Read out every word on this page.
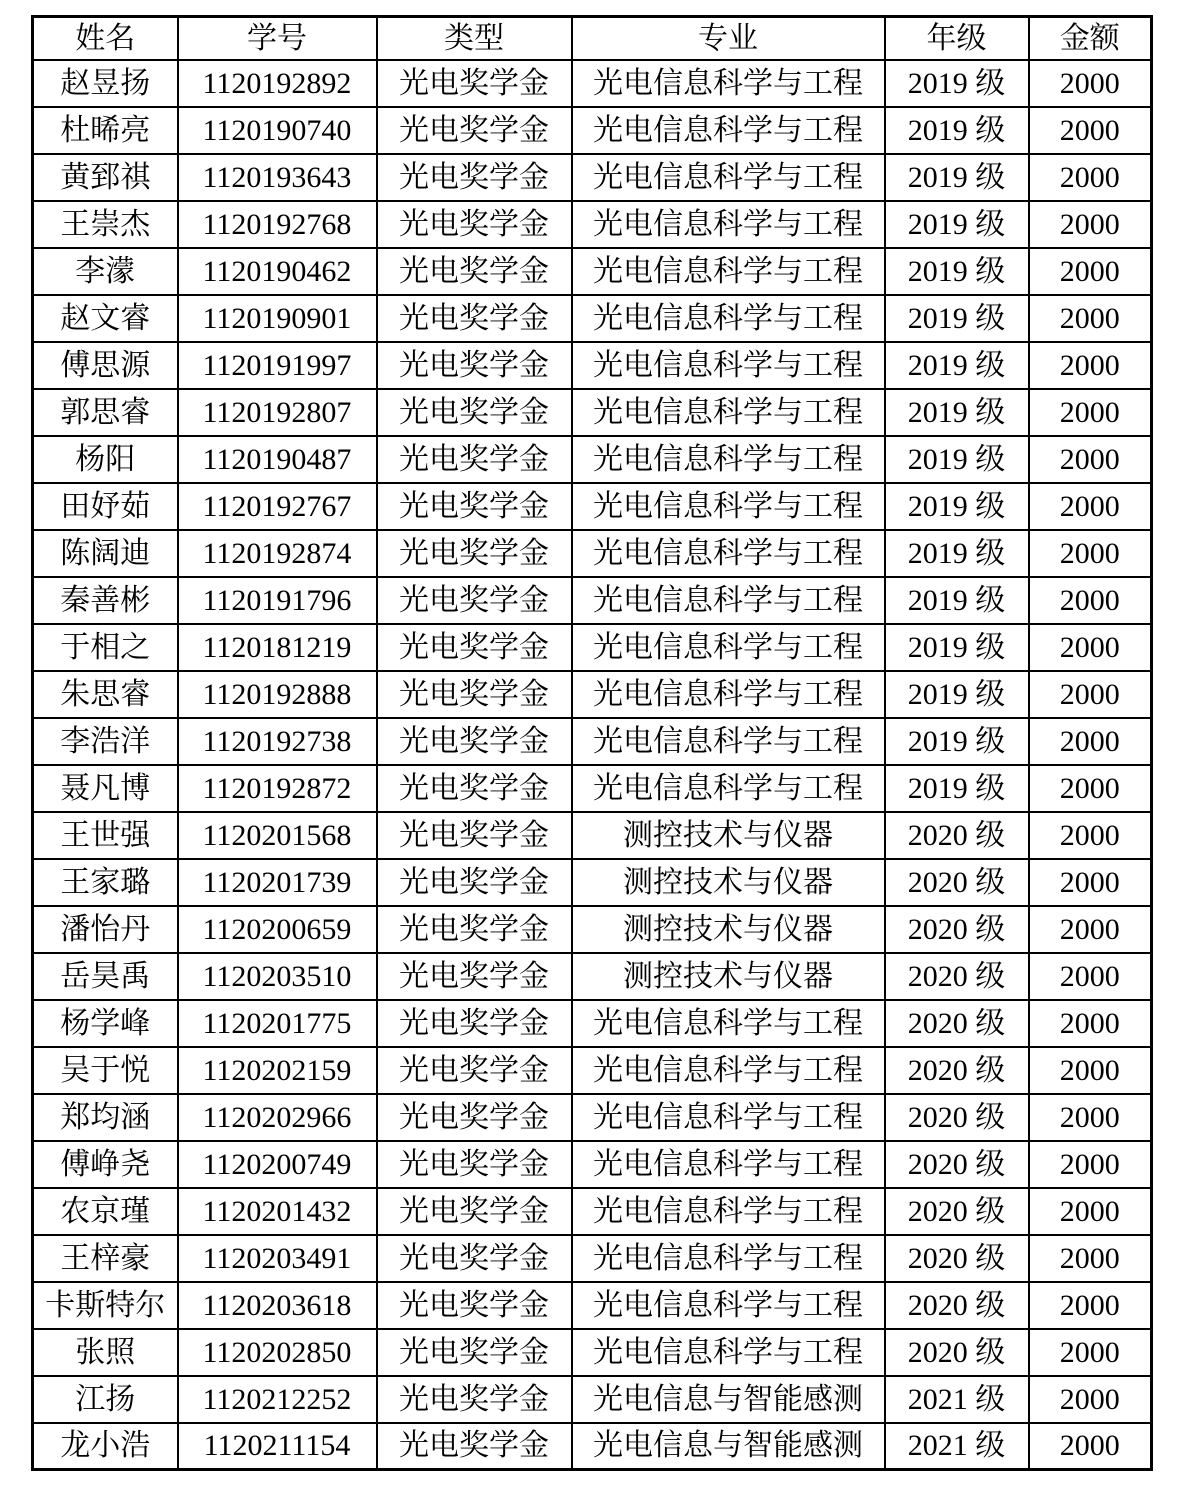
姓名	学号	类型	专业	年级	金额
赵昱扬	1120192892	光电奖学金	光电信息科学与工程	2019 级	2000
杜晞亮	1120190740	光电奖学金	光电信息科学与工程	2019 级	2000
黄郅祺	1120193643	光电奖学金	光电信息科学与工程	2019 级	2000
王崇杰	1120192768	光电奖学金	光电信息科学与工程	2019 级	2000
李濛	1120190462	光电奖学金	光电信息科学与工程	2019 级	2000
赵文睿	1120190901	光电奖学金	光电信息科学与工程	2019 级	2000
傅思源	1120191997	光电奖学金	光电信息科学与工程	2019 级	2000
郭思睿	1120192807	光电奖学金	光电信息科学与工程	2019 级	2000
杨阳	1120190487	光电奖学金	光电信息科学与工程	2019 级	2000
田妤茹	1120192767	光电奖学金	光电信息科学与工程	2019 级	2000
陈阔迪	1120192874	光电奖学金	光电信息科学与工程	2019 级	2000
秦善彬	1120191796	光电奖学金	光电信息科学与工程	2019 级	2000
于相之	1120181219	光电奖学金	光电信息科学与工程	2019 级	2000
朱思睿	1120192888	光电奖学金	光电信息科学与工程	2019 级	2000
李浩洋	1120192738	光电奖学金	光电信息科学与工程	2019 级	2000
聂凡博	1120192872	光电奖学金	光电信息科学与工程	2019 级	2000
王世强	1120201568	光电奖学金	测控技术与仪器	2020 级	2000
王家璐	1120201739	光电奖学金	测控技术与仪器	2020 级	2000
潘怡丹	1120200659	光电奖学金	测控技术与仪器	2020 级	2000
岳昊禹	1120203510	光电奖学金	测控技术与仪器	2020 级	2000
杨学峰	1120201775	光电奖学金	光电信息科学与工程	2020 级	2000
吴于悦	1120202159	光电奖学金	光电信息科学与工程	2020 级	2000
郑均涵	1120202966	光电奖学金	光电信息科学与工程	2020 级	2000
傅峥尧	1120200749	光电奖学金	光电信息科学与工程	2020 级	2000
农京瑾	1120201432	光电奖学金	光电信息科学与工程	2020 级	2000
王梓豪	1120203491	光电奖学金	光电信息科学与工程	2020 级	2000
卡斯特尔	1120203618	光电奖学金	光电信息科学与工程	2020 级	2000
张照	1120202850	光电奖学金	光电信息科学与工程	2020 级	2000
江扬	1120212252	光电奖学金	光电信息与智能感测	2021 级	2000
龙小浩	1120211154	光电奖学金	光电信息与智能感测	2021 级	2000
